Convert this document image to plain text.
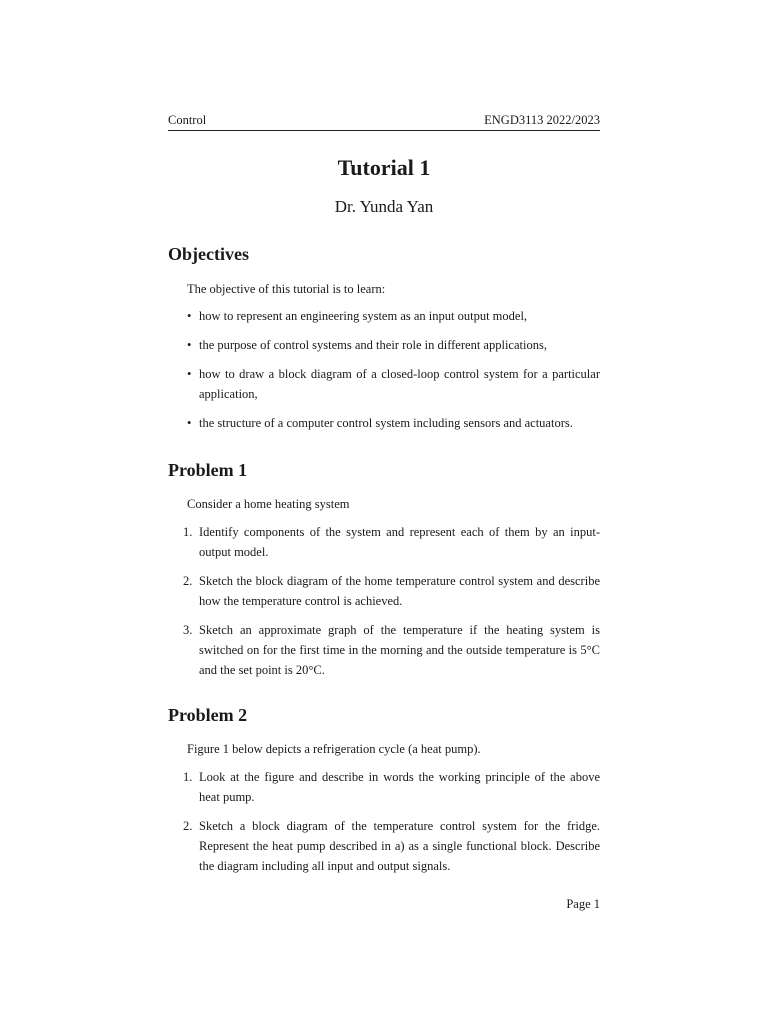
Control	ENGD3113 2022/2023
Tutorial 1
Dr. Yunda Yan
Objectives

The objective of this tutorial is to learn:

• how to represent an engineering system as an input output model,
• the purpose of control systems and their role in different applications,
• how to draw a block diagram of a closed-loop control system for a particular application,
• the structure of a computer control system including sensors and actuators.
Problem 1

Consider a home heating system

1. Identify components of the system and represent each of them by an input-output model.
2. Sketch the block diagram of the home temperature control system and describe how the temperature control is achieved.
3. Sketch an approximate graph of the temperature if the heating system is switched on for the first time in the morning and the outside temperature is 5°C and the set point is 20°C.
Problem 2

Figure 1 below depicts a refrigeration cycle (a heat pump).

1. Look at the figure and describe in words the working principle of the above heat pump.
2. Sketch a block diagram of the temperature control system for the fridge. Represent the heat pump described in a) as a single functional block. Describe the diagram including all input and output signals.
Page 1
